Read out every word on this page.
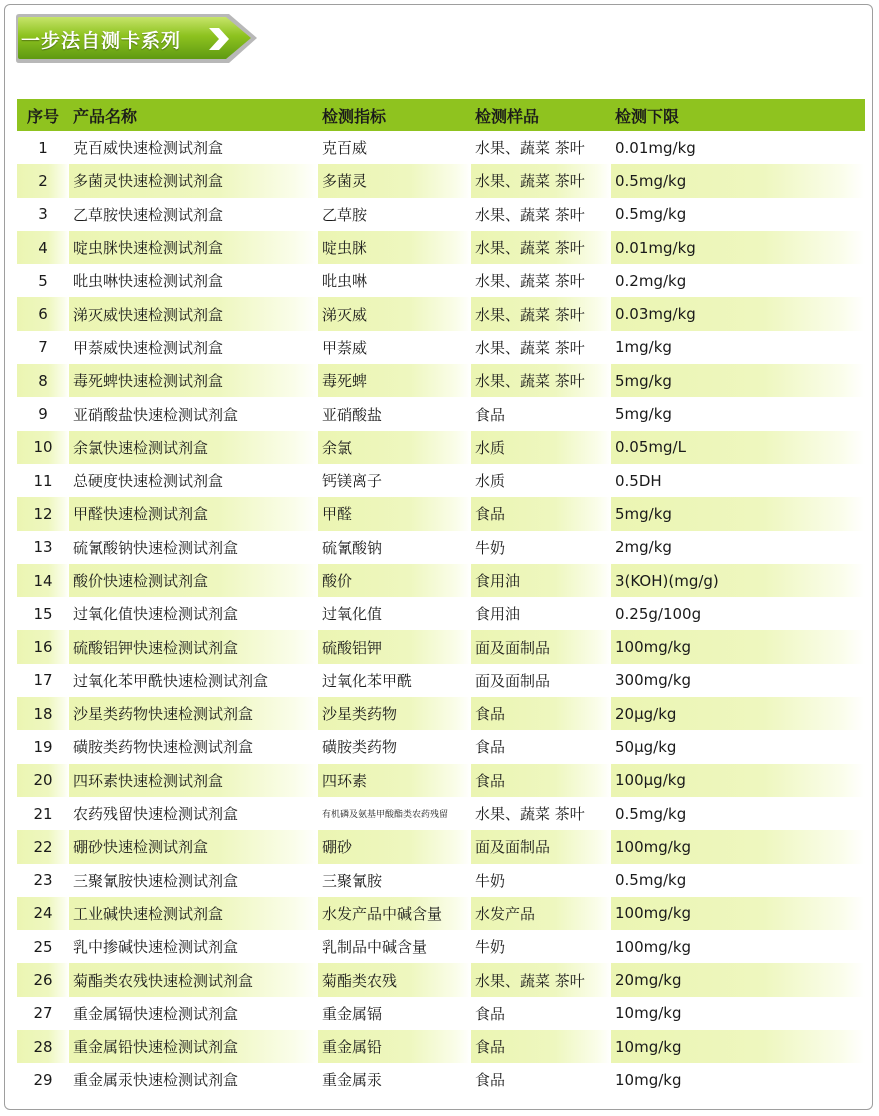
一步法自测卡系列
序号	产品名称	检测指标	检测样品	检测下限
1	克百威快速检测试剂盒	克百威	水果、蔬菜 茶叶	0.01mg/kg
2	多菌灵快速检测试剂盒	多菌灵	水果、蔬菜 茶叶	0.5mg/kg
3	乙草胺快速检测试剂盒	乙草胺	水果、蔬菜 茶叶	0.5mg/kg
4	啶虫脒快速检测试剂盒	啶虫脒	水果、蔬菜 茶叶	0.01mg/kg
5	吡虫啉快速检测试剂盒	吡虫啉	水果、蔬菜 茶叶	0.2mg/kg
6	涕灭威快速检测试剂盒	涕灭威	水果、蔬菜 茶叶	0.03mg/kg
7	甲萘威快速检测试剂盒	甲萘威	水果、蔬菜 茶叶	1mg/kg
8	毒死蜱快速检测试剂盒	毒死蜱	水果、蔬菜 茶叶	5mg/kg
9	亚硝酸盐快速检测试剂盒	亚硝酸盐	食品	5mg/kg
10	余氯快速检测试剂盒	余氯	水质	0.05mg/L
11	总硬度快速检测试剂盒	钙镁离子	水质	0.5DH
12	甲醛快速检测试剂盒	甲醛	食品	5mg/kg
13	硫氰酸钠快速检测试剂盒	硫氰酸钠	牛奶	2mg/kg
14	酸价快速检测试剂盒	酸价	食用油	3(KOH)(mg/g)
15	过氧化值快速检测试剂盒	过氧化值	食用油	0.25g/100g
16	硫酸铝钾快速检测试剂盒	硫酸铝钾	面及面制品	100mg/kg
17	过氧化苯甲酰快速检测试剂盒	过氧化苯甲酰	面及面制品	300mg/kg
18	沙星类药物快速检测试剂盒	沙星类药物	食品	20μg/kg
19	磺胺类药物快速检测试剂盒	磺胺类药物	食品	50μg/kg
20	四环素快速检测试剂盒	四环素	食品	100μg/kg
21	农药残留快速检测试剂盒	有机磷及氨基甲酸酯类农药残留	水果、蔬菜 茶叶	0.5mg/kg
22	硼砂快速检测试剂盒	硼砂	面及面制品	100mg/kg
23	三聚氰胺快速检测试剂盒	三聚氰胺	牛奶	0.5mg/kg
24	工业碱快速检测试剂盒	水发产品中碱含量	水发产品	100mg/kg
25	乳中掺碱快速检测试剂盒	乳制品中碱含量	牛奶	100mg/kg
26	菊酯类农残快速检测试剂盒	菊酯类农残	水果、蔬菜 茶叶	20mg/kg
27	重金属镉快速检测试剂盒	重金属镉	食品	10mg/kg
28	重金属铅快速检测试剂盒	重金属铅	食品	10mg/kg
29	重金属汞快速检测试剂盒	重金属汞	食品	10mg/kg
